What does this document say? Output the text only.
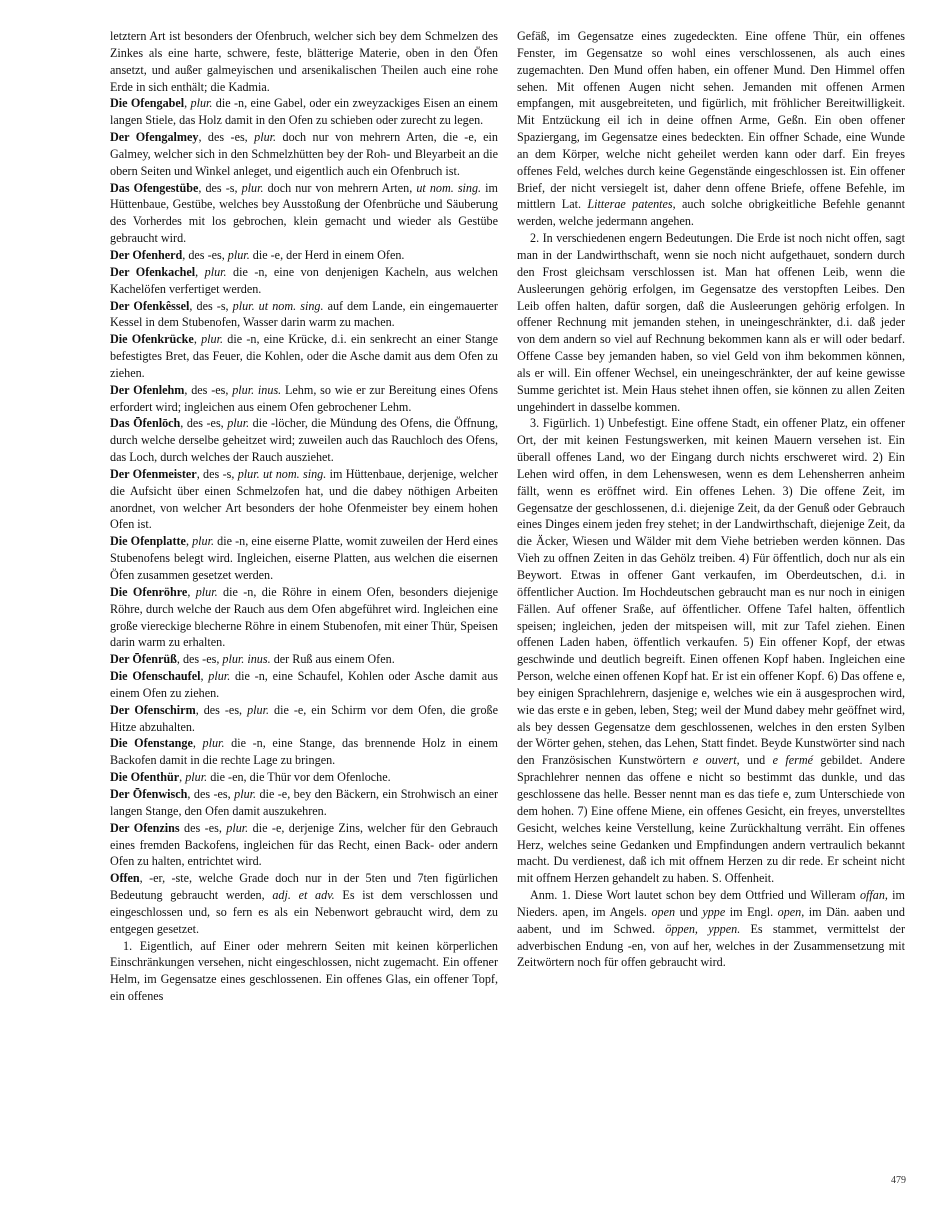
letztern Art ist besonders der Ofenbruch, welcher sich bey dem Schmelzen des Zinkes als eine harte, schwere, feste, blätterige Materie, oben in den Öfen ansetzt, und außer galmeyischen und arsenikalischen Theilen auch eine rohe Erde in sich enthält; die Kadmia.

Die Ofengabel, plur. die -n, eine Gabel, oder ein zweyzackiges Eisen an einem langen Stiele, das Holz damit in den Ofen zu schieben oder zurecht zu legen.

Der Ofengalmey, des -es, plur. doch nur von mehrern Arten, die -e, ein Galmey, welcher sich in den Schmelzhütten bey der Roh- und Bleyarbeit an die obern Seiten und Winkel anleget, und eigentlich auch ein Ofenbruch ist.

Das Ofengestübe, des -s, plur. doch nur von mehrern Arten, ut nom. sing. im Hüttenbaue, Gestübe, welches bey Ausstoßung der Ofenbrüche und Säuberung des Vorherdes mit los gebrochen, klein gemacht und wieder als Gestübe gebraucht wird.

Der Ofenherd, des -es, plur. die -e, der Herd in einem Ofen.

Der Ofenkachel, plur. die -n, eine von denjenigen Kacheln, aus welchen Kachelöfen verfertiget werden.

Der Ofenkêssel, des -s, plur. ut nom. sing. auf dem Lande, ein eingemauerter Kessel in dem Stubenofen, Wasser darin warm zu machen.

Die Ofenkrücke, plur. die -n, eine Krücke, d.i. ein senkrecht an einer Stange befestigtes Bret, das Feuer, die Kohlen, oder die Asche damit aus dem Ofen zu ziehen.

Der Ofenlehm, des -es, plur. inus. Lehm, so wie er zur Bereitung eines Ofens erfordert wird; ingleichen aus einem Ofen gebrochener Lehm.

Das Ōfenlōch, des -es, plur. die -löcher, die Mündung des Ofens, die Öffnung, durch welche derselbe geheitzet wird; zuweilen auch das Rauchloch des Ofens, das Loch, durch welches der Rauch ausziehet.

Der Ofenmeister, des -s, plur. ut nom. sing. im Hüttenbaue, derjenige, welcher die Aufsicht über einen Schmelzofen hat, und die dabey nöthigen Arbeiten anordnet, von welcher Art besonders der hohe Ofenmeister bey einem hohen Ofen ist.

Die Ofenplatte, plur. die -n, eine eiserne Platte, womit zuweilen der Herd eines Stubenofens belegt wird. Ingleichen, eiserne Platten, aus welchen die eisernen Öfen zusammen gesetzet werden.

Die Ofenröhre, plur. die -n, die Röhre in einem Ofen, besonders diejenige Röhre, durch welche der Rauch aus dem Ofen abgeführet wird. Ingleichen eine große viereckige blecherne Röhre in einem Stubenofen, mit einer Thür, Speisen darin warm zu erhalten.

Der Ōfenrüß, des -es, plur. inus. der Ruß aus einem Ofen.

Die Ofenschaufel, plur. die -n, eine Schaufel, Kohlen oder Asche damit aus einem Ofen zu ziehen.

Der Ofenschirm, des -es, plur. die -e, ein Schirm vor dem Ofen, die große Hitze abzuhalten.

Die Ofenstange, plur. die -n, eine Stange, das brennende Holz in einem Backofen damit in die rechte Lage zu bringen.

Die Ofenthür, plur. die -en, die Thür vor dem Ofenloche.

Der Ōfenwisch, des -es, plur. die -e, bey den Bäckern, ein Strohwisch an einer langen Stange, den Ofen damit auszukehren.

Der Ofenzins des -es, plur. die -e, derjenige Zins, welcher für den Gebrauch eines fremden Backofens, ingleichen für das Recht, einen Back- oder andern Ofen zu halten, entrichtet wird.

Offen, -er, -ste, welche Grade doch nur in der 5ten und 7ten figürlichen Bedeutung gebraucht werden, adj. et adv. Es ist dem verschlossen und eingeschlossen und, so fern es als ein Nebenwort gebraucht wird, dem zu entgegen gesetzet.

1. Eigentlich, auf Einer oder mehrern Seiten mit keinen körperlichen Einschränkungen versehen, nicht eingeschlossen, nicht zugemacht. Ein offener Helm, im Gegensatze eines geschlossenen. Ein offenes Glas, ein offener Topf, ein offenes

Gefäß, im Gegensatze eines zugedeckten. Eine offene Thür, ein offenes Fenster, im Gegensatze so wohl eines verschlossenen, als auch eines zugemachten. Den Mund offen haben, ein offener Mund. Den Himmel offen sehen. Mit offenen Augen nicht sehen. Jemanden mit offenen Armen empfangen, mit ausgebreiteten, und figürlich, mit fröhlicher Bereitwilligkeit. Mit Entzückung eil ich in deine offnen Arme, Geßn. Ein oben offener Spaziergang, im Gegensatze eines bedeckten. Ein offner Schade, eine Wunde an dem Körper, welche nicht geheilet werden kann oder darf. Ein freyes offenes Feld, welches durch keine Gegenstände eingeschlossen ist. Ein offener Brief, der nicht versiegelt ist, daher denn offene Briefe, offene Befehle, im mittlern Lat. Litterae patentes, auch solche obrigkeitliche Befehle genannt werden, welche jedermann angehen.

2. In verschiedenen engern Bedeutungen. Die Erde ist noch nicht offen, sagt man in der Landwirthschaft, wenn sie noch nicht aufgethauet, sondern durch den Frost gleichsam verschlossen ist. Man hat offenen Leib, wenn die Ausleerungen gehörig erfolgen, im Gegensatze des verstopften Leibes. Den Leib offen halten, dafür sorgen, daß die Ausleerungen gehörig erfolgen. In offener Rechnung mit jemanden stehen, in uneingeschränkter, d.i. daß jeder von dem andern so viel auf Rechnung bekommen kann als er will oder bedarf. Offene Casse bey jemanden haben, so viel Geld von ihm bekommen können, als er will. Ein offener Wechsel, ein uneingeschränkter, der auf keine gewisse Summe gerichtet ist. Mein Haus stehet ihnen offen, sie können zu allen Zeiten ungehindert in dasselbe kommen.

3. Figürlich. 1) Unbefestigt. Eine offene Stadt, ein offener Platz, ein offener Ort, der mit keinen Festungswerken, mit keinen Mauern versehen ist. Ein überall offenes Land, wo der Eingang durch nichts erschweret wird. 2) Ein Lehen wird offen, in dem Lehenswesen, wenn es dem Lehensherren anheim fällt, wenn es eröffnet wird. Ein offenes Lehen. 3) Die offene Zeit, im Gegensatze der geschlossenen, d.i. diejenige Zeit, da der Genuß oder Gebrauch eines Dinges einem jeden frey stehet; in der Landwirthschaft, diejenige Zeit, da die Äcker, Wiesen und Wälder mit dem Viehe betrieben werden können. Das Vieh zu offnen Zeiten in das Gehölz treiben. 4) Für öffentlich, doch nur als ein Beywort. Etwas in offener Gant verkaufen, im Oberdeutschen, d.i. in öffentlicher Auction. Im Hochdeutschen gebraucht man es nur noch in einigen Fällen. Auf offener Sraße, auf öffentlicher. Offene Tafel halten, öffentlich speisen; ingleichen, jeden der mitspeisen will, mit zur Tafel ziehen. Einen offenen Laden haben, öffentlich verkaufen. 5) Ein offener Kopf, der etwas geschwinde und deutlich begreift. Einen offenen Kopf haben. Ingleichen eine Person, welche einen offenen Kopf hat. Er ist ein offener Kopf. 6) Das offene e, bey einigen Sprachlehrern, dasjenige e, welches wie ein ä ausgesprochen wird, wie das erste e in geben, leben, Steg; weil der Mund dabey mehr geöffnet wird, als bey dessen Gegensatze dem geschlossenen, welches in den ersten Sylben der Wörter gehen, stehen, das Lehen, Statt findet. Beyde Kunstwörter sind nach den Französischen Kunstwörtern e ouvert, und e fermé gebildet. Andere Sprachlehrer nennen das offene e nicht so bestimmt das dunkle, und das geschlossene das helle. Besser nennt man es das tiefe e, zum Unterschiede von dem hohen. 7) Eine offene Miene, ein offenes Gesicht, ein freyes, unverstelltes Gesicht, welches keine Verstellung, keine Zurückhaltung verräht. Ein offenes Herz, welches seine Gedanken und Empfindungen andern vertraulich bekannt macht. Du verdienest, daß ich mit offnem Herzen zu dir rede. Er scheint nicht mit offnem Herzen gehandelt zu haben. S. Offenheit.

Anm. 1. Diese Wort lautet schon bey dem Ottfried und Willeram offan, im Nieders. apen, im Angels. open und yppe im Engl. open, im Dän. aaben und aabent, und im Schwed. öppen, yppen. Es stammet, vermittelst der adverbischen Endung -en, von auf her, welches in der Zusammensetzung mit Zeitwörtern noch für offen gebraucht wird.

479
